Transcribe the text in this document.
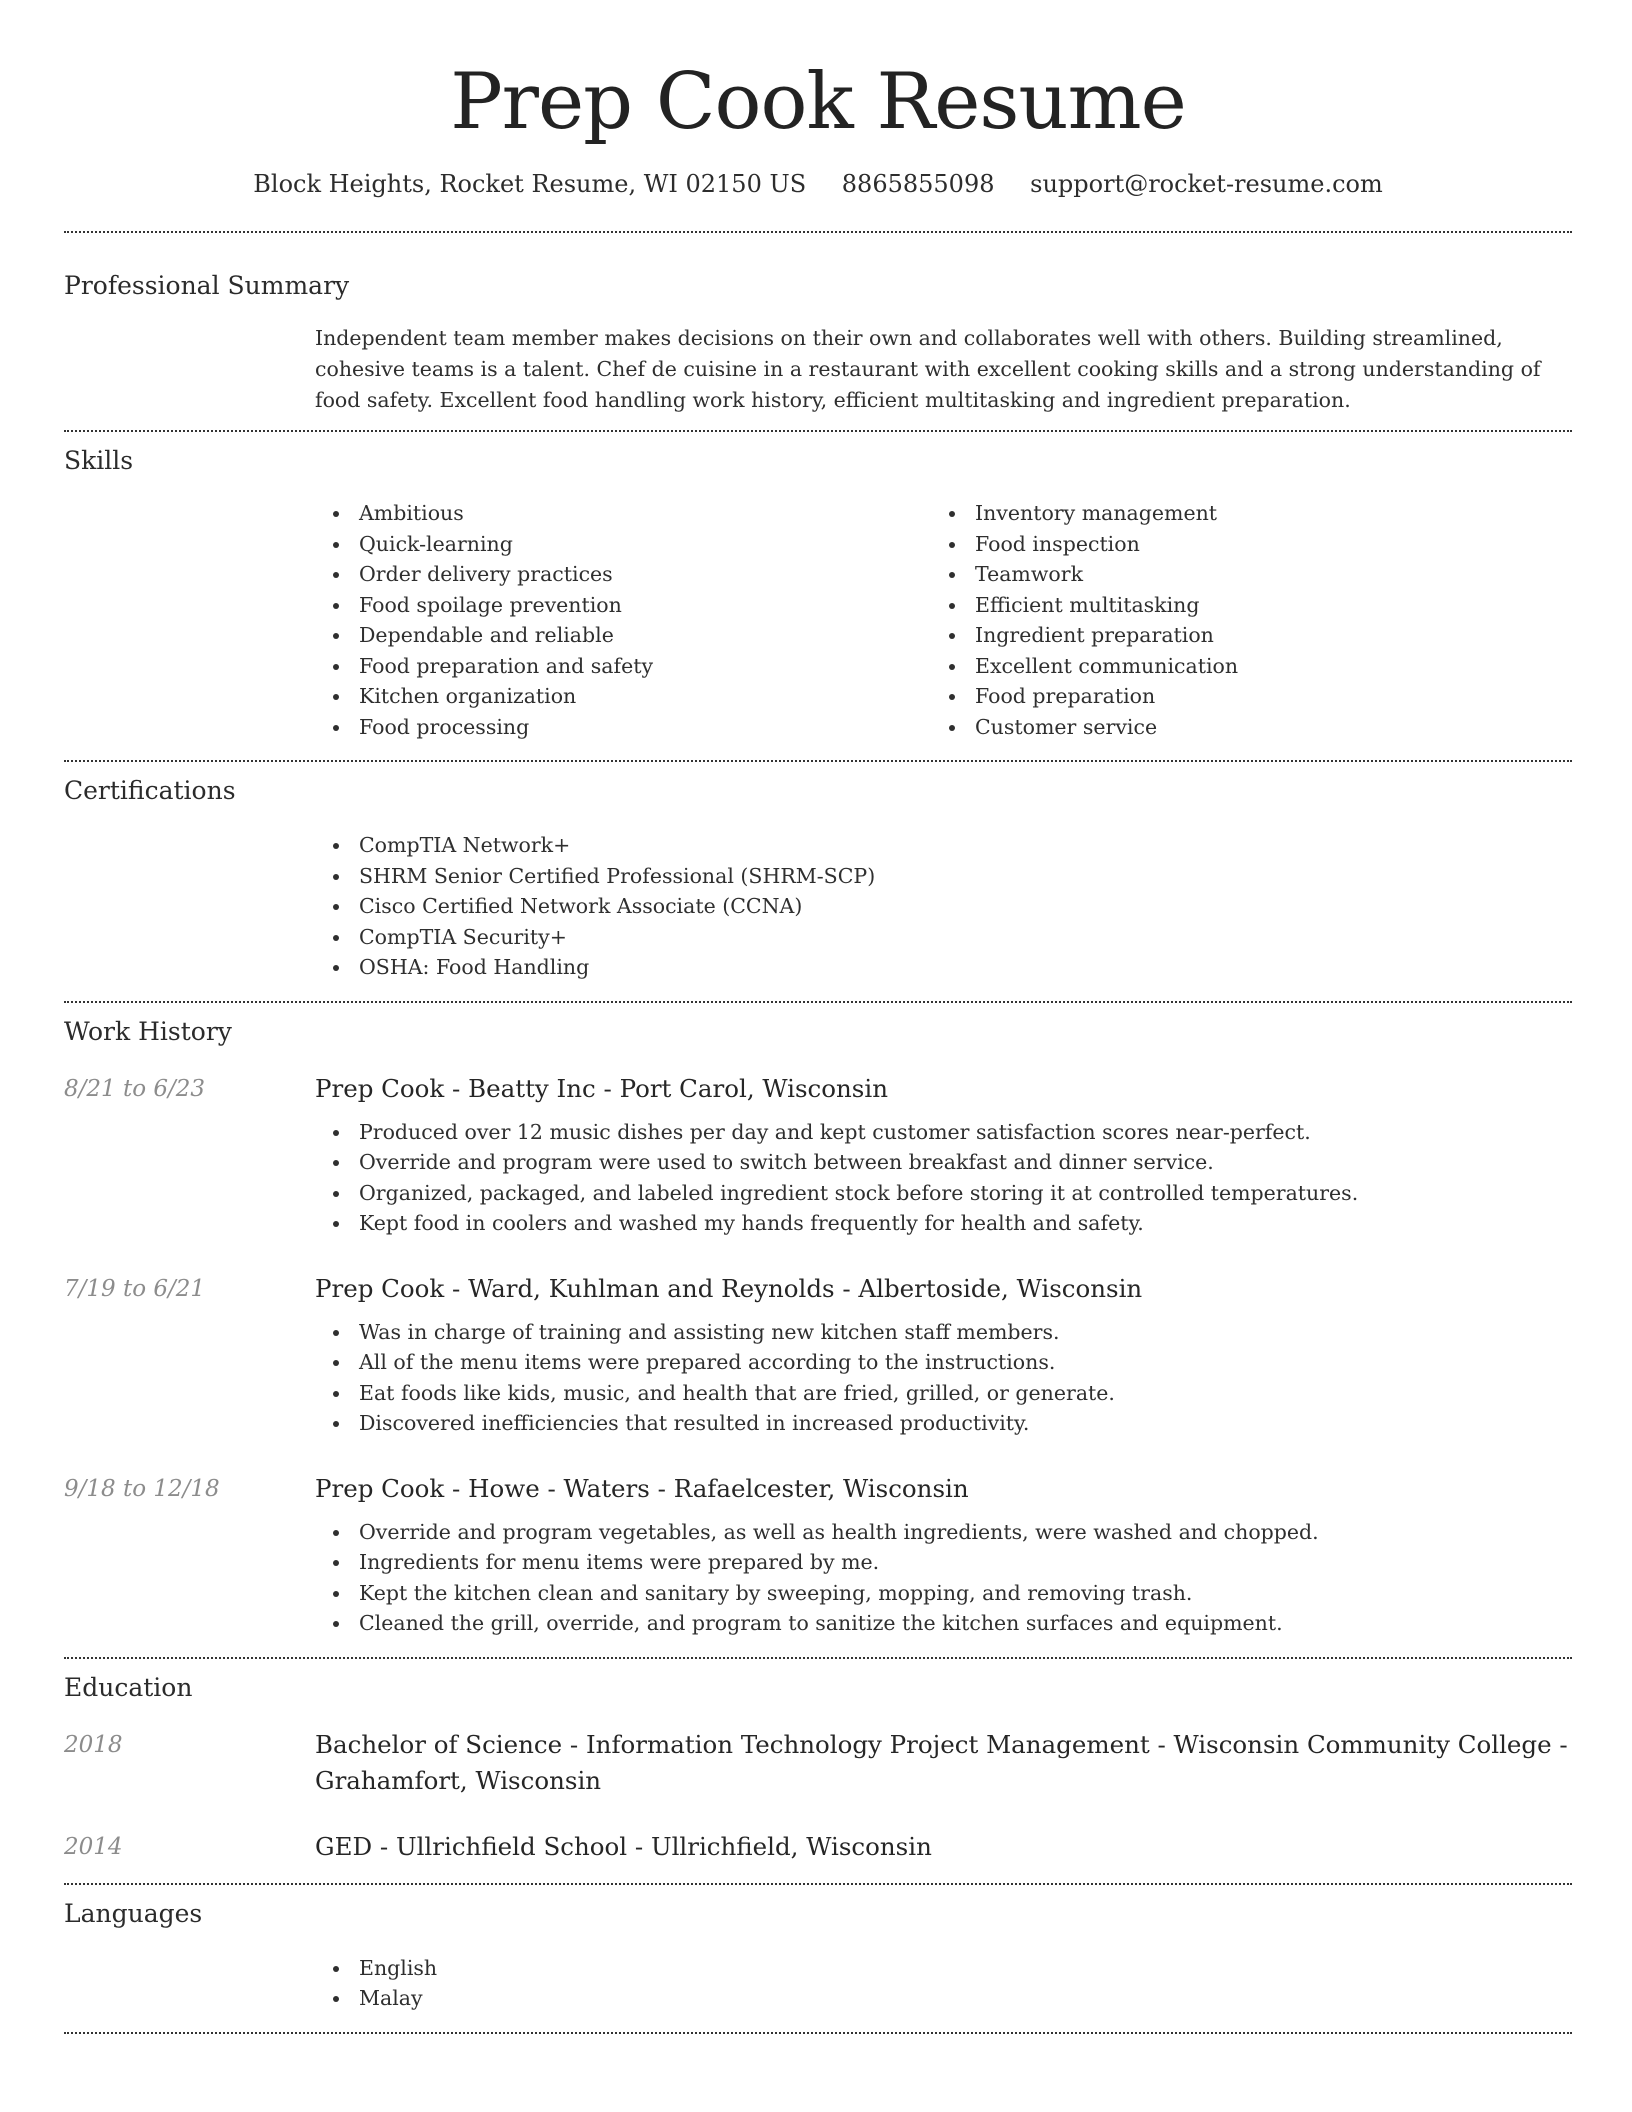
Prep Cook Resume
Block Heights, Rocket Resume, WI 02150 US 8865855098 support@rocket-resume.com
Professional Summary

Independent team member makes decisions on their own and collaborates well with others. Building streamlined, cohesive teams is a talent. Chef de cuisine in a restaurant with excellent cooking skills and a strong understanding of food safety. Excellent food handling work history, efficient multitasking and ingredient preparation.

Skills
Ambitious
Quick-learning
Order delivery practices
Food spoilage prevention
Dependable and reliable
Food preparation and safety
Kitchen organization
Food processing
Inventory management
Food inspection
Teamwork
Efficient multitasking
Ingredient preparation
Excellent communication
Food preparation
Customer service
Certifications
CompTIA Network+
SHRM Senior Certified Professional (SHRM-SCP)
Cisco Certified Network Associate (CCNA)
CompTIA Security+
OSHA: Food Handling
Work History
8/21 to 6/23	Prep Cook - Beatty Inc - Port Carol, Wisconsin
Produced over 12 music dishes per day and kept customer satisfaction scores near-perfect.
Override and program were used to switch between breakfast and dinner service.
Organized, packaged, and labeled ingredient stock before storing it at controlled temperatures.
Kept food in coolers and washed my hands frequently for health and safety.
7/19 to 6/21	Prep Cook - Ward, Kuhlman and Reynolds - Albertoside, Wisconsin
Was in charge of training and assisting new kitchen staff members.
All of the menu items were prepared according to the instructions.
Eat foods like kids, music, and health that are fried, grilled, or generate.
Discovered inefficiencies that resulted in increased productivity.
9/18 to 12/18	Prep Cook - Howe - Waters - Rafaelcester, Wisconsin
Override and program vegetables, as well as health ingredients, were washed and chopped.
Ingredients for menu items were prepared by me.
Kept the kitchen clean and sanitary by sweeping, mopping, and removing trash.
Cleaned the grill, override, and program to sanitize the kitchen surfaces and equipment.
Education
2018	Bachelor of Science - Information Technology Project Management - Wisconsin Community College - Grahamfort, Wisconsin
2014	GED - Ullrichfield School - Ullrichfield, Wisconsin
Languages
English
Malay
